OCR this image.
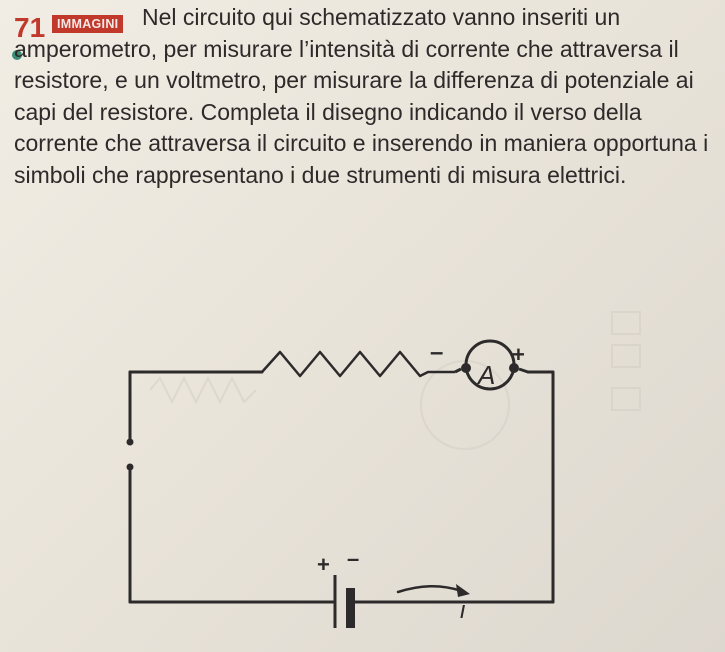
71 IMMAGINI	Nel circuito qui schematizzato vanno inseriti un amperometro, per misurare l’intensità di corrente che attraversa il resistore, e un voltmetro, per misurare la differenza di potenziale ai capi del resistore. Completa il disegno indicando il verso della corrente che attraversa il circuito e inserendo in maniera opportuna i simboli che rappresentano i due strumenti di misura elettrici.

A
–	+
+ –
i
